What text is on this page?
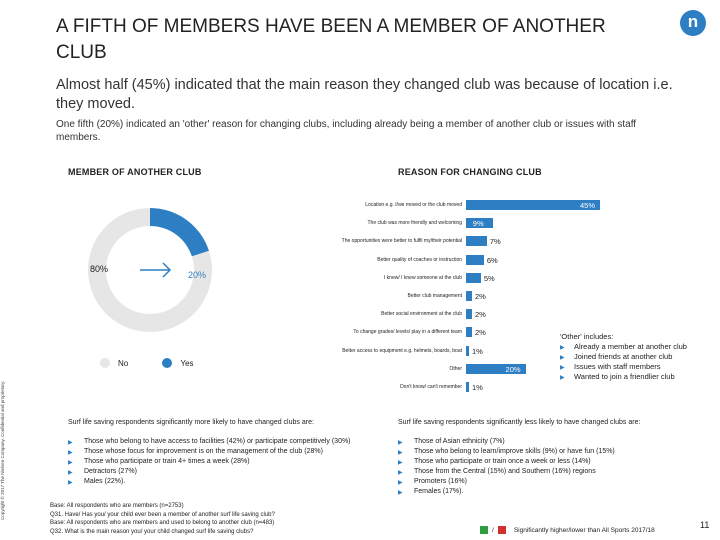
A FIFTH OF MEMBERS HAVE BEEN A MEMBER OF ANOTHER CLUB
n
Almost half (45%) indicated that the main reason they changed club was because of location i.e. they moved.
One fifth (20%) indicated an 'other' reason for changing clubs, including already being a member of another club or issues with staff members.
Copyright © 2017 The Nielsen Company. Confidential and proprietary.
MEMBER OF ANOTHER CLUB	REASON FOR CHANGING CLUB
80%
20%
No
	Yes
Location e.g. I/we moved or the club moved	45%
The club was more friendly and welcoming 9%
The opportunities were better to fulfil my/their potential	7%
Better quality of coaches or instruction	6%
I knew/ I knew someone at the club	5%
Better club management 2%
Better social environment at the club 2%
To change grades/ levels/ play in a different team 2%
Better access to equipment e.g. helmets, boards, boat 1%
Other	20%
Don't know/ can't remember 1%
'Other' includes:
▶ Already a member at another club
▶ Joined friends at another club
▶ Issues with staff members
▶ Wanted to join a friendlier club
Surf life saving respondents significantly more likely to have changed clubs are:
▶ Those who belong to have access to facilities (42%) or participate competitively (30%)
▶ Those whose focus for improvement is on the management of the club (28%)
▶ Those who participate or train 4+ times a week (28%)
▶ Detractors (27%)
▶ Males (22%).
Surf life saving respondents significantly less likely to have changed clubs are:
▶ Those of Asian ethnicity (7%)
▶ Those who belong to learn/improve skills (9%) or have fun (15%)
▶ Those who participate or train once a week or less (14%)
▶ Those from the Central (15%) and Southern (16%) regions
▶ Promoters (16%)
▶ Females (17%).
Base: All respondents who are members (n=2753)
Q31. Have/ Has you/ your child ever been a member of another surf life saving club?
Base: All respondents who are members and used to belong to another club (n=483)
Q32. What is the main reason you/ your child changed surf life saving clubs?	/	Significantly higher/lower than All Sports 2017/18	11
